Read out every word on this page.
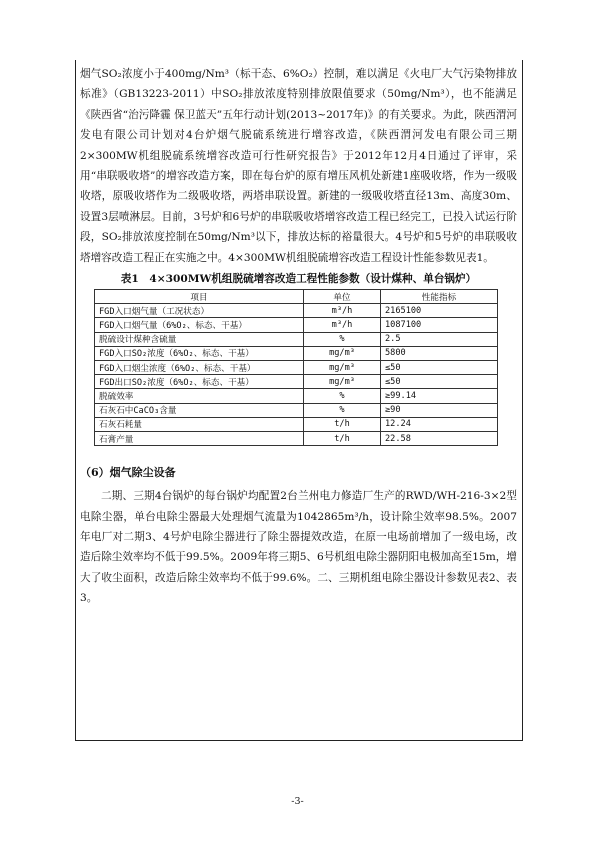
烟气SO₂浓度小于400mg/Nm³（标干态、6%O₂）控制，难以满足《火电厂大气污染物排放标准》（GB13223-2011）中SO₂排放浓度特别排放限值要求（50mg/Nm³），也不能满足《陕西省“治污降霾 保卫蓝天”五年行动计划(2013~2017年)》的有关要求。为此，陕西渭河发电有限公司计划对4台炉烟气脱硫系统进行增容改造，《陕西渭河发电有限公司三期2×300MW机组脱硫系统增容改造可行性研究报告》于2012年12月4日通过了评审，采用“串联吸收塔”的增容改造方案，即在每台炉的原有增压风机处新建1座吸收塔，作为一级吸收塔，原吸收塔作为二级吸收塔，两塔串联设置。新建的一级吸收塔直径13m、高度30m、设置3层喷淋层。目前，3号炉和6号炉的串联吸收塔增容改造工程已经完工，已投入试运行阶段，SO₂排放浓度控制在50mg/Nm³以下，排放达标的裕量很大。4号炉和5号炉的串联吸收塔增容改造工程正在实施之中。4×300MW机组脱硫增容改造工程设计性能参数见表1。

表1　4×300MW机组脱硫增容改造工程性能参数（设计煤种、单台锅炉）
项目	单位	性能指标
FGD入口烟气量（工况状态）	m³/h	2165100
FGD入口烟气量（6%O₂、标态、干基）	m³/h	1087100
脱硫设计煤种含硫量	%	2.5
FGD入口SO₂浓度（6%O₂、标态、干基）	mg/m³	5800
FGD入口烟尘浓度（6%O₂、标态、干基）	mg/m³	≤50
FGD出口SO₂浓度（6%O₂、标态、干基）	mg/m³	≤50
脱硫效率	%	≥99.14
石灰石中CaCO₃含量	%	≥90
石灰石耗量	t/h	12.24
石膏产量	t/h	22.58
（6）烟气除尘设备

二期、三期4台锅炉的每台锅炉均配置2台兰州电力修造厂生产的RWD/WH-216-3×2型电除尘器，单台电除尘器最大处理烟气流量为1042865m³/h，设计除尘效率98.5%。2007年电厂对二期3、4号炉电除尘器进行了除尘器提效改造，在原一电场前增加了一级电场，改造后除尘效率均不低于99.5%。2009年将三期5、6号机组电除尘器阴阳电极加高至15m，增大了收尘面积，改造后除尘效率均不低于99.6%。二、三期机组电除尘器设计参数见表2、表3。

-3-
